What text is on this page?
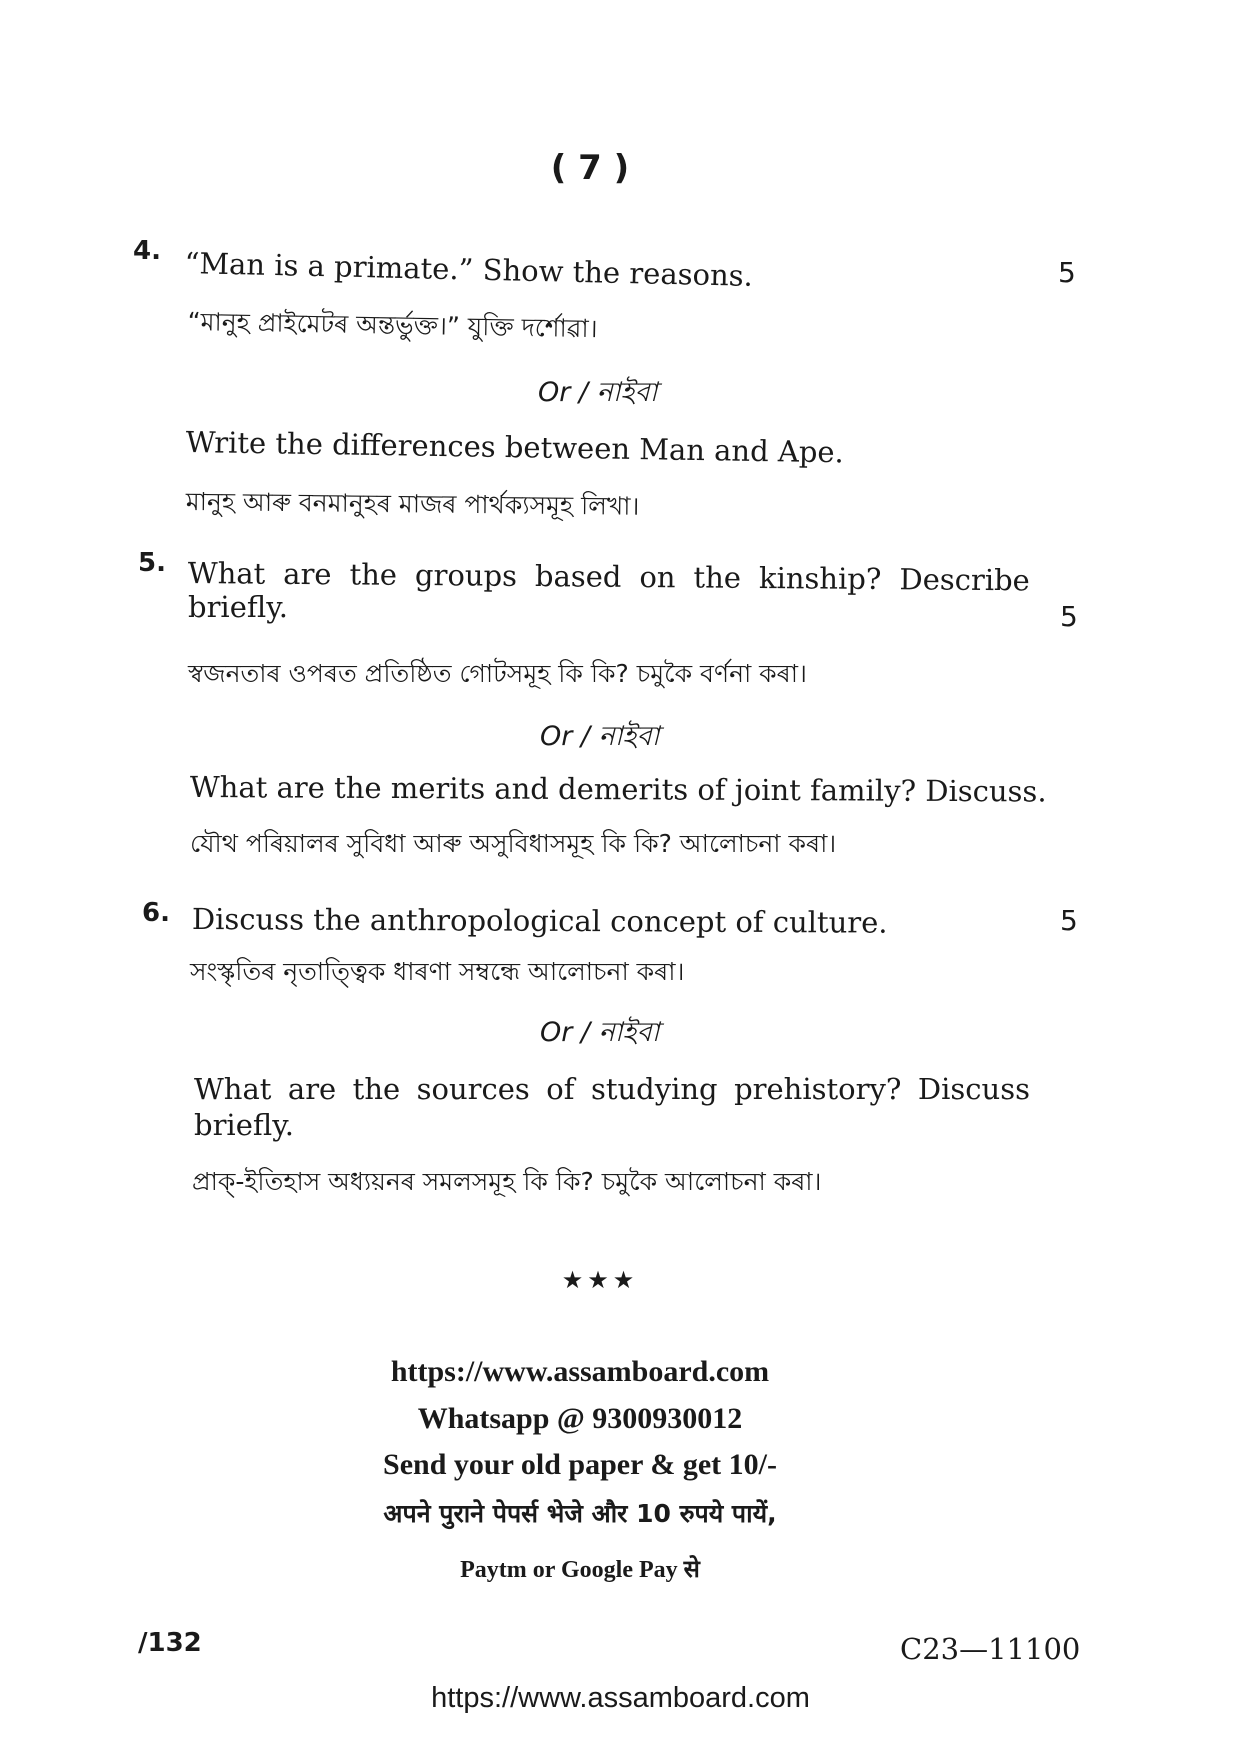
( 7 )
4. “Man is a primate.” Show the reasons.	5
“মানুহ প্ৰাইমেটৰ অন্তৰ্ভুক্ত।” যুক্তি দৰ্শোৱা।
Or / নাইবা
Write the differences between Man and Ape.
মানুহ আৰু বনমানুহৰ মাজৰ পাৰ্থক্যসমূহ লিখা।
5. What are the groups based on the kinship? Describe
briefly.	5
স্বজনতাৰ ওপৰত প্ৰতিষ্ঠিত গোটসমূহ কি কি? চমুকৈ বৰ্ণনা কৰা।
Or / নাইবা
What are the merits and demerits of joint family? Discuss.
যৌথ পৰিয়ালৰ সুবিধা আৰু অসুবিধাসমূহ কি কি? আলোচনা কৰা।
6. Discuss the anthropological concept of culture.	5
সংস্কৃতিৰ নৃতাত্ত্বিক ধাৰণা সম্বন্ধে আলোচনা কৰা।
Or / নাইবা
What are the sources of studying prehistory? Discuss
briefly.
প্ৰাক্-ইতিহাস অধ্যয়নৰ সমলসমূহ কি কি? চমুকৈ আলোচনা কৰা।
★★★
https://www.assamboard.com
Whatsapp @ 9300930012
Send your old paper & get 10/-
अपने पुराने पेपर्स भेजे और 10 रुपये पायें,
Paytm or Google Pay से
/132	C23—11100
https://www.assamboard.com
